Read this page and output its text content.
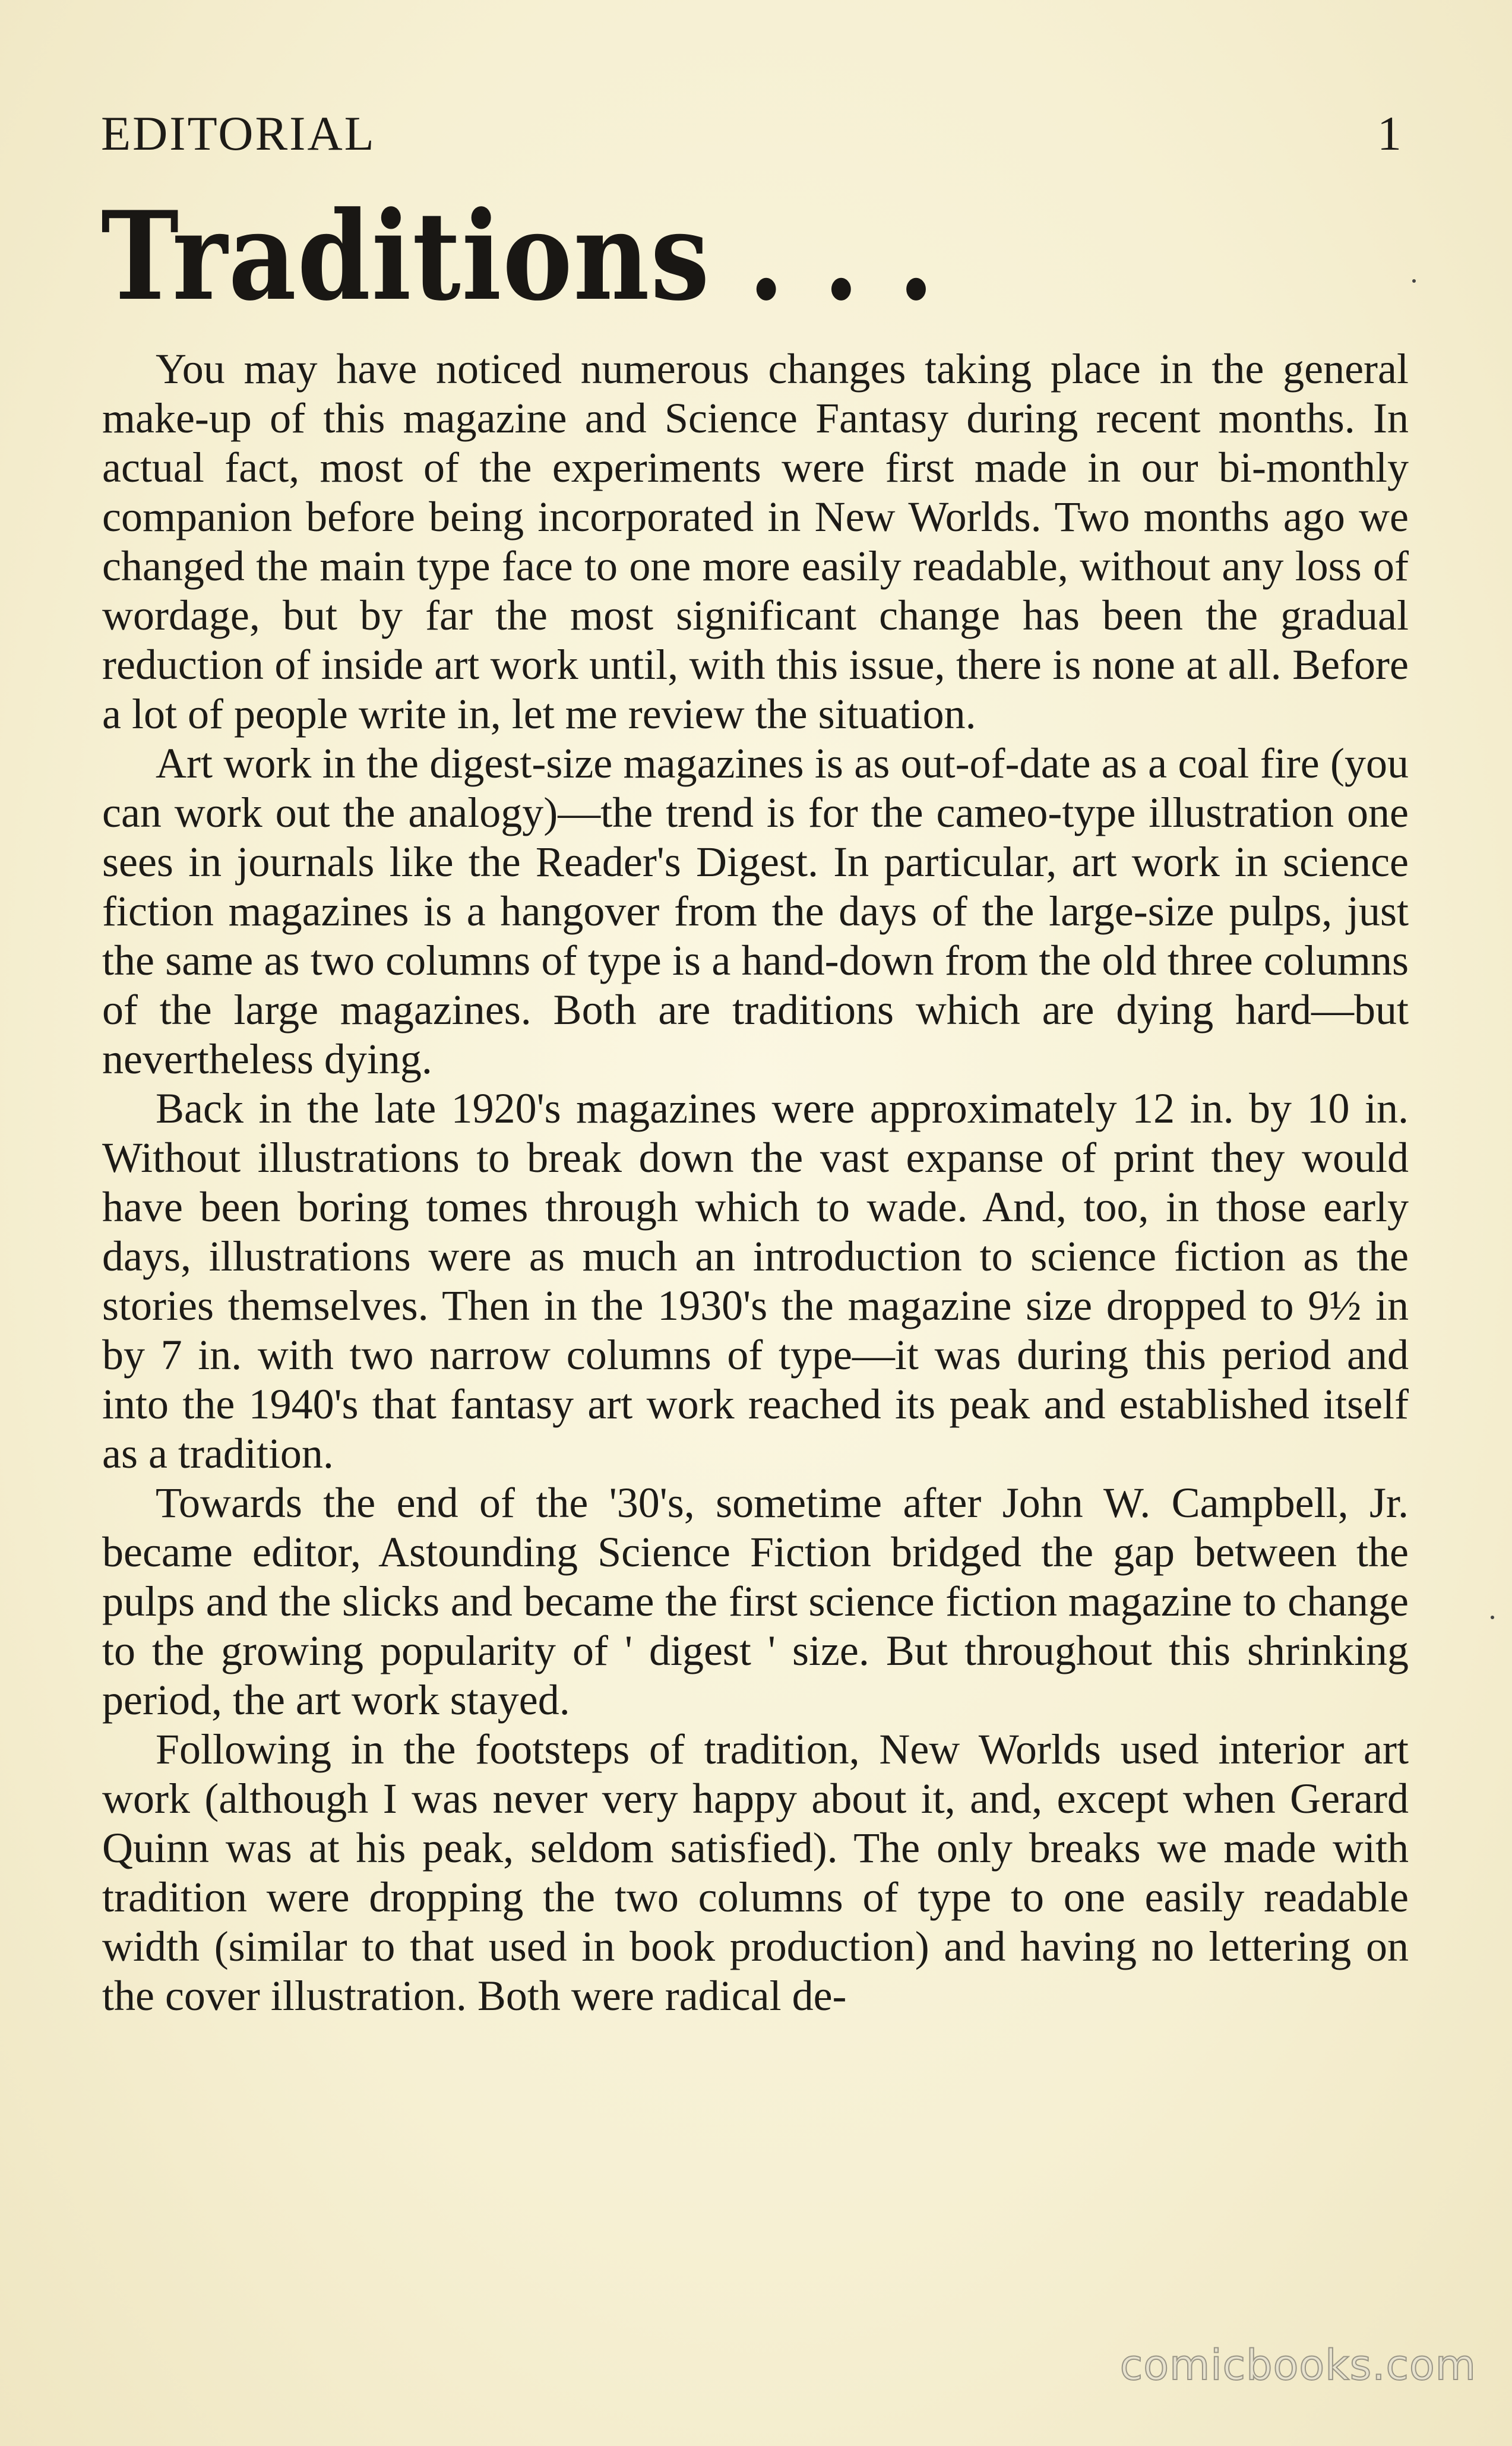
EDITORIAL	1
Traditions . . .

You may have noticed numerous changes taking place in the general make-up of this magazine and Science Fantasy during recent months. In actual fact, most of the experiments were first made in our bi-monthly companion before being incorporated in New Worlds. Two months ago we changed the main type face to one more easily readable, without any loss of wordage, but by far the most significant change has been the gradual reduction of inside art work until, with this issue, there is none at all. Before a lot of people write in, let me review the situation.

Art work in the digest-size magazines is as out-of-date as a coal fire (you can work out the analogy)—the trend is for the cameo-type illustration one sees in journals like the Reader's Digest. In particular, art work in science fiction magazines is a hangover from the days of the large-size pulps, just the same as two columns of type is a hand-down from the old three columns of the large magazines. Both are traditions which are dying hard—but nevertheless dying.

Back in the late 1920's magazines were approximately 12 in. by 10 in. Without illustrations to break down the vast expanse of print they would have been boring tomes through which to wade. And, too, in those early days, illustrations were as much an introduction to science fiction as the stories themselves. Then in the 1930's the magazine size dropped to 9½ in by 7 in. with two narrow columns of type—it was during this period and into the 1940's that fantasy art work reached its peak and established itself as a tradition.

Towards the end of the '30's, sometime after John W. Campbell, Jr. became editor, Astounding Science Fiction bridged the gap between the pulps and the slicks and became the first science fiction magazine to change to the growing popularity of ' digest ' size. But throughout this shrinking period, the art work stayed.

Following in the footsteps of tradition, New Worlds used interior art work (although I was never very happy about it, and, except when Gerard Quinn was at his peak, seldom satisfied). The only breaks we made with tradition were dropping the two columns of type to one easily readable width (similar to that used in book production) and having no lettering on the cover illustration. Both were radical de-

comicbooks.com
